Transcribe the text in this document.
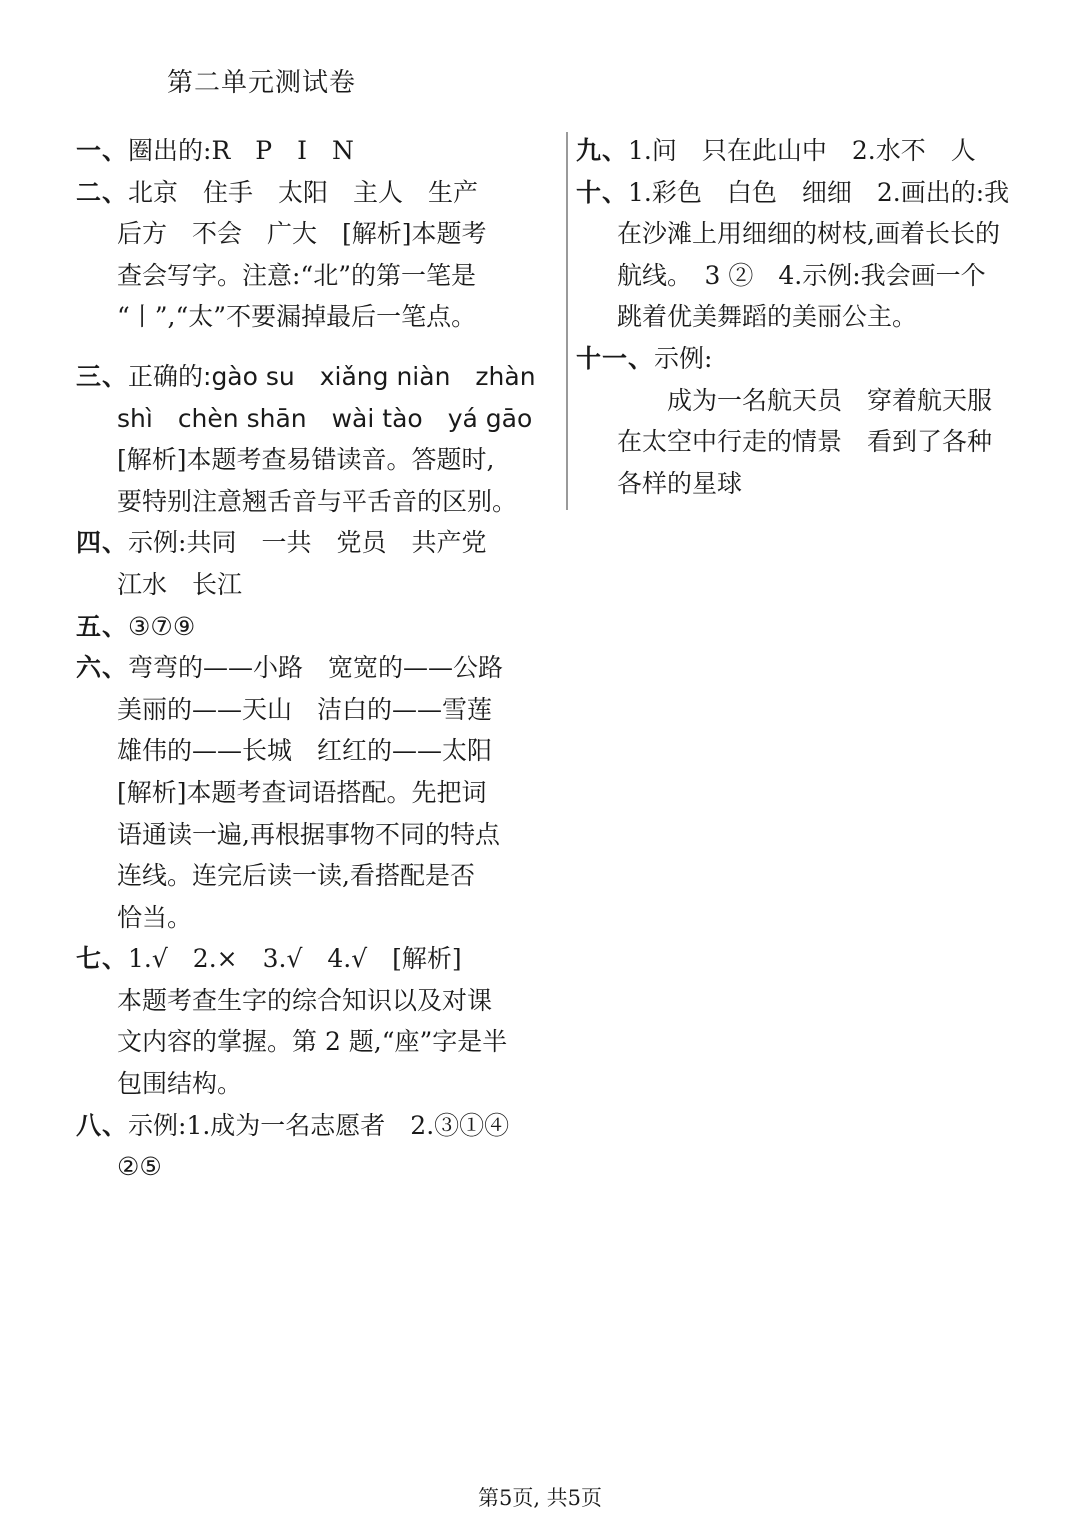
第二单元测试卷
一、圈出的:R　P　I　N
二、北京　住手　太阳　主人　生产
后方　不会　广大　[解析]本题考
查会写字。注意:“北”的第一笔是
“丨”,“太”不要漏掉最后一笔点。
三、正确的:gào su　xiǎng niàn　zhàn
shì　chèn shān　wài tào　yá gāo
[解析]本题考查易错读音。答题时,
要特别注意翘舌音与平舌音的区别。
四、示例:共同　一共　党员　共产党
江水　长江
五、③⑦⑨
六、弯弯的——小路　宽宽的——公路
美丽的——天山　洁白的——雪莲
雄伟的——长城　红红的——太阳
[解析]本题考查词语搭配。先把词
语通读一遍,再根据事物不同的特点
连线。连完后读一读,看搭配是否
恰当。
七、1.√　2.×　3.√　4.√　[解析]
本题考查生字的综合知识以及对课
文内容的掌握。第 2 题,“座”字是半
包围结构。
八、示例:1.成为一名志愿者　2.③①④
②⑤
九、1.问　只在此山中　2.水不　人
十、1.彩色　白色　细细　2.画出的:我
在沙滩上用细细的树枝,画着长长的
航线。　3 ②　4.示例:我会画一个
跳着优美舞蹈的美丽公主。
十一、示例:
　　成为一名航天员　穿着航天服
在太空中行走的情景　看到了各种
各样的星球
第5页, 共5页
